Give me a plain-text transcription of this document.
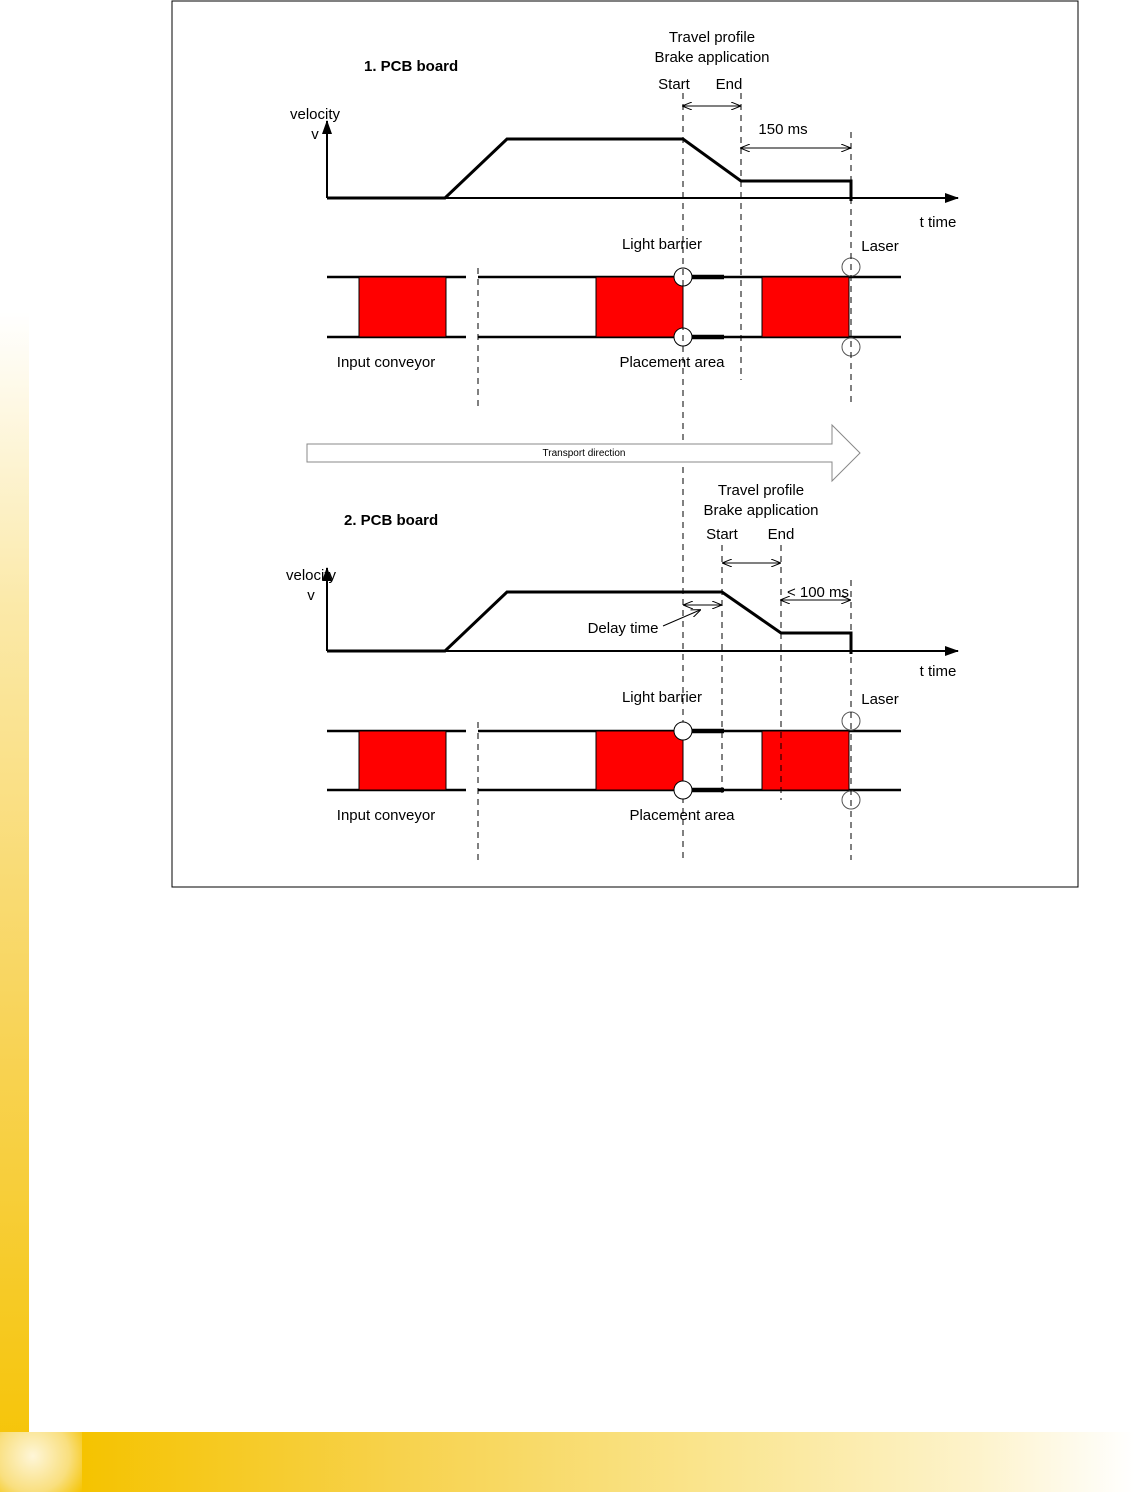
1. PCB board
Travel profile
Brake application
Start End
150 ms
velocity
v
t time
Light barrier	Laser
Input conveyor	Placement area
Transport direction
2. PCB board
Travel profile
Brake application
Start End
< 100 ms
Delay time
velocity
v
t time
Light barrier	Laser
Input conveyor	Placement area
